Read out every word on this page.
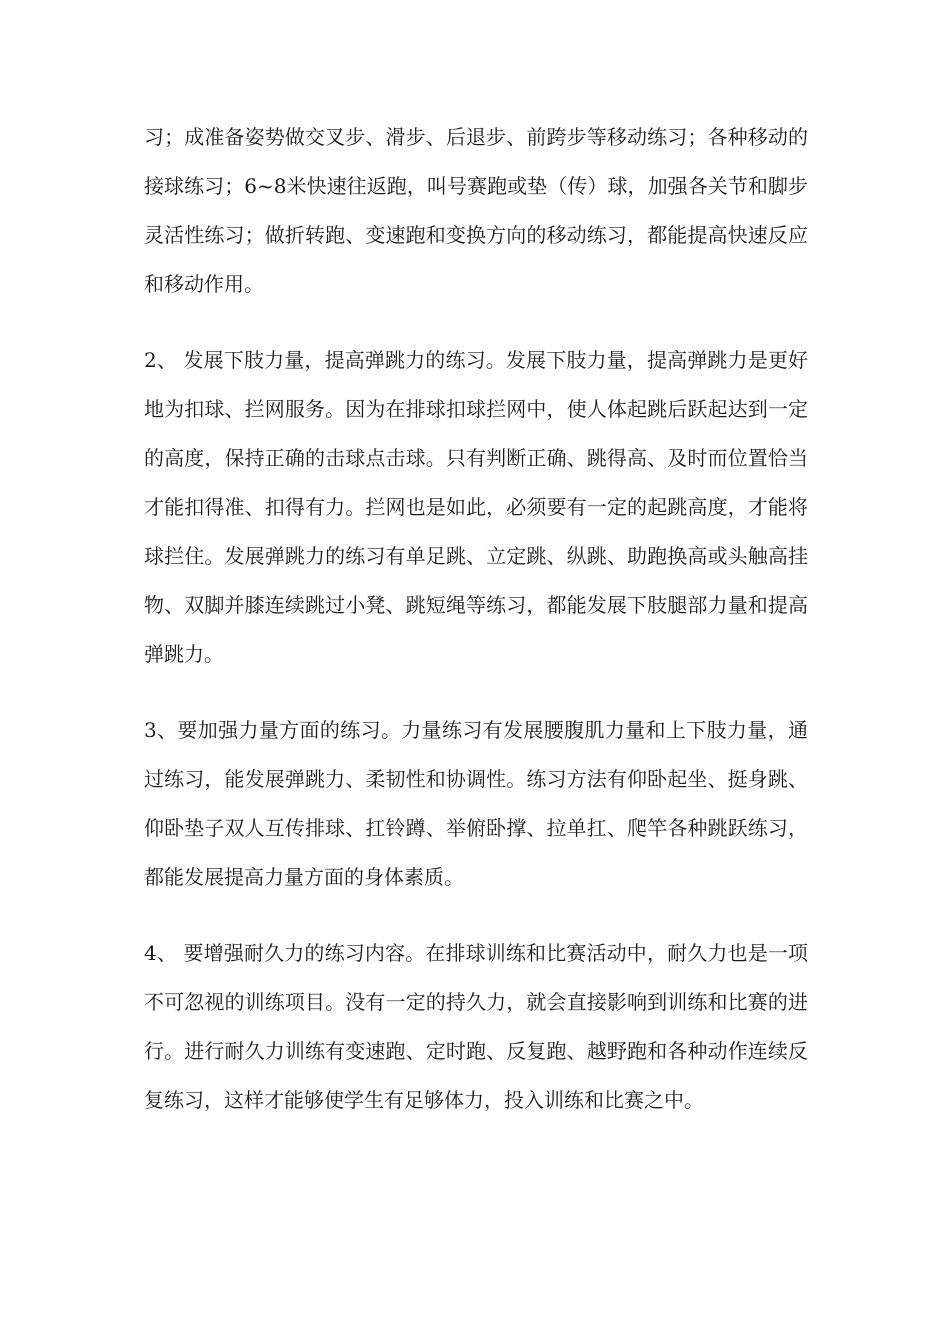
习；成准备姿势做交叉步、滑步、后退步、前跨步等移动练习；各种移动的接球练习；6~8米快速往返跑，叫号赛跑或垫（传）球，加强各关节和脚步灵活性练习；做折转跑、变速跑和变换方向的移动练习，都能提高快速反应和移动作用。

2、 发展下肢力量，提高弹跳力的练习。发展下肢力量，提高弹跳力是更好地为扣球、拦网服务。因为在排球扣球拦网中，使人体起跳后跃起达到一定的高度，保持正确的击球点击球。只有判断正确、跳得高、及时而位置恰当才能扣得准、扣得有力。拦网也是如此，必须要有一定的起跳高度，才能将球拦住。发展弹跳力的练习有单足跳、立定跳、纵跳、助跑换高或头触高挂物、双脚并膝连续跳过小凳、跳短绳等练习，都能发展下肢腿部力量和提高弹跳力。

3、要加强力量方面的练习。力量练习有发展腰腹肌力量和上下肢力量，通过练习，能发展弹跳力、柔韧性和协调性。练习方法有仰卧起坐、挺身跳、仰卧垫子双人互传排球、扛铃蹲、举俯卧撑、拉单扛、爬竿各种跳跃练习，都能发展提高力量方面的身体素质。

4、 要增强耐久力的练习内容。在排球训练和比赛活动中，耐久力也是一项不可忽视的训练项目。没有一定的持久力，就会直接影响到训练和比赛的进行。进行耐久力训练有变速跑、定时跑、反复跑、越野跑和各种动作连续反复练习，这样才能够使学生有足够体力，投入训练和比赛之中。
